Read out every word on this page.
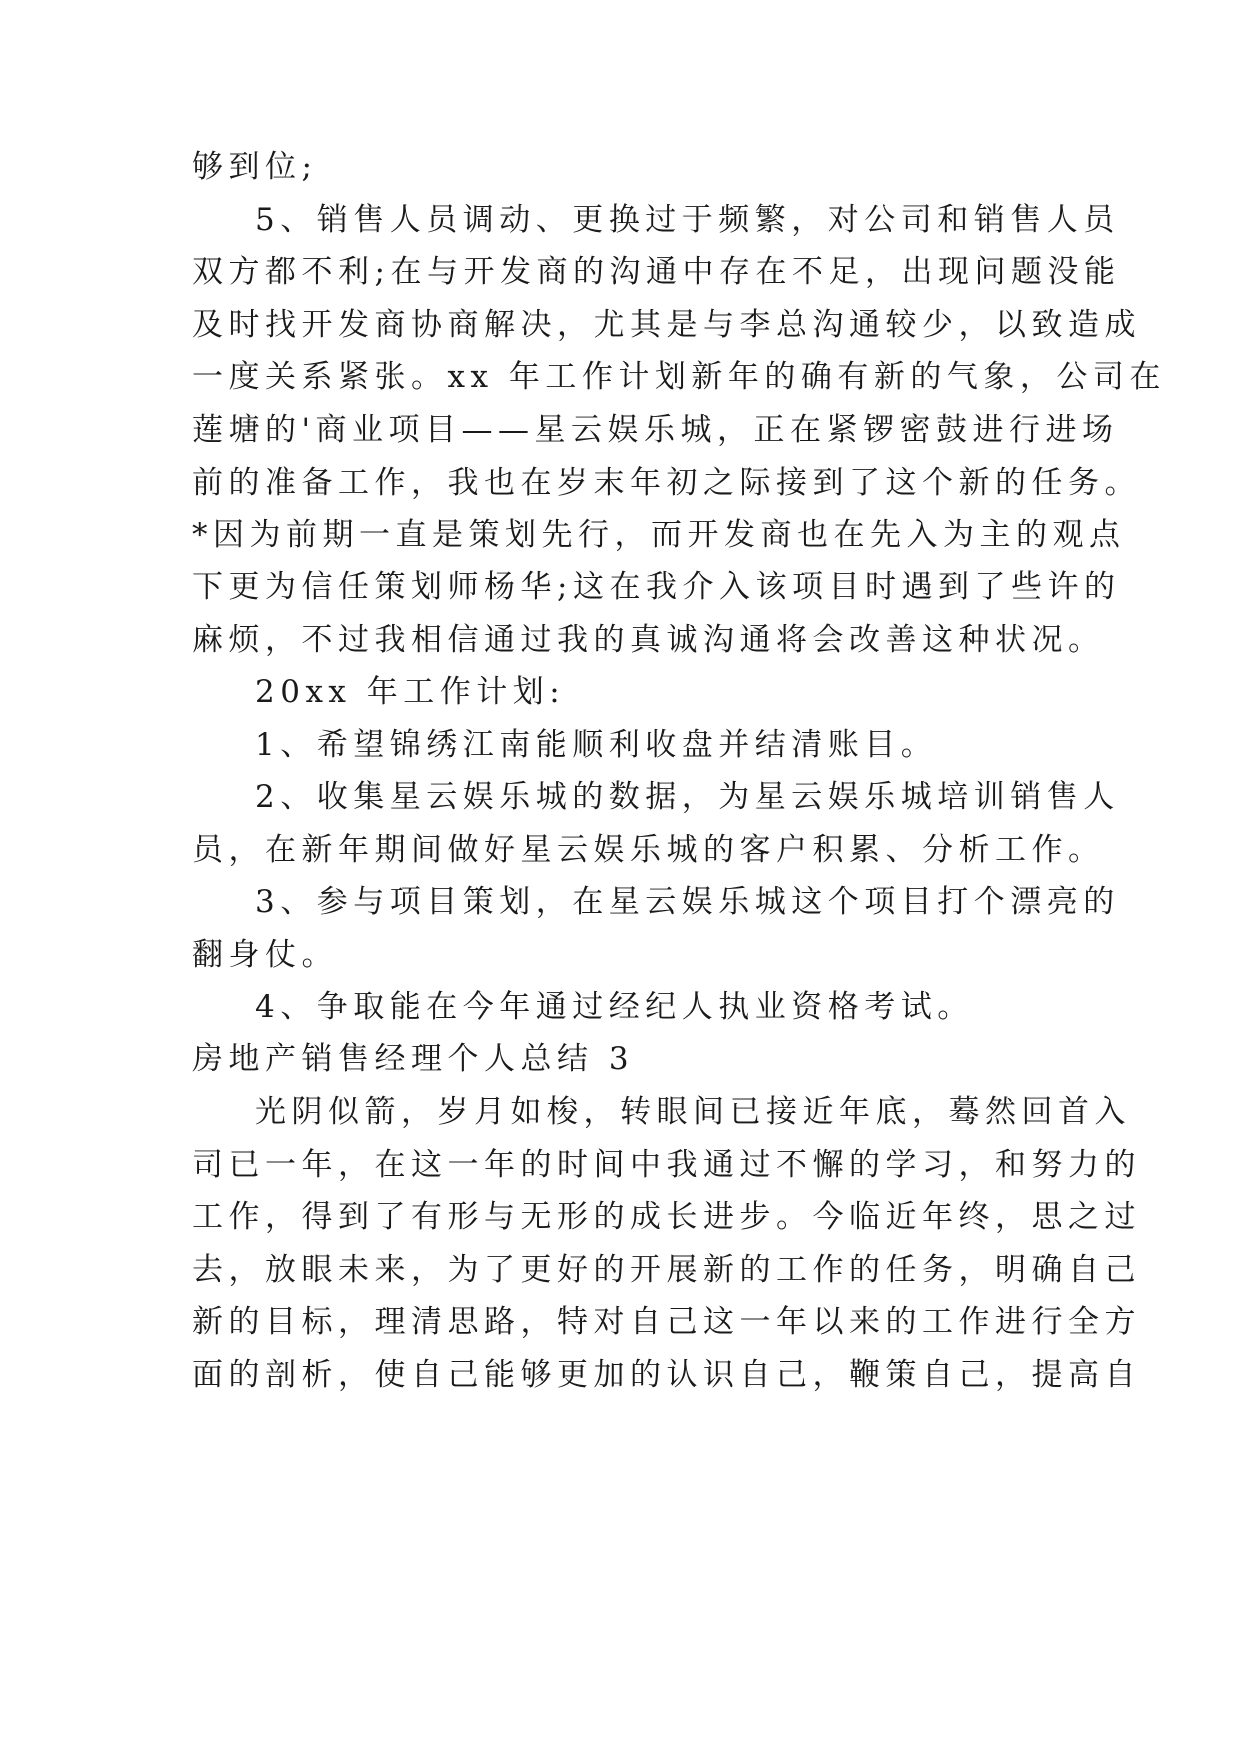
够到位;
5、销售人员调动、更换过于频繁，对公司和销售人员
双方都不利;在与开发商的沟通中存在不足，出现问题没能
及时找开发商协商解决，尤其是与李总沟通较少，以致造成
一度关系紧张。xx 年工作计划新年的确有新的气象，公司在
莲塘的'商业项目——星云娱乐城，正在紧锣密鼓进行进场
前的准备工作，我也在岁末年初之际接到了这个新的任务。
*因为前期一直是策划先行，而开发商也在先入为主的观点
下更为信任策划师杨华;这在我介入该项目时遇到了些许的
麻烦，不过我相信通过我的真诚沟通将会改善这种状况。
20xx 年工作计划:
1、希望锦绣江南能顺利收盘并结清账目。
2、收集星云娱乐城的数据，为星云娱乐城培训销售人
员，在新年期间做好星云娱乐城的客户积累、分析工作。
3、参与项目策划，在星云娱乐城这个项目打个漂亮的
翻身仗。
4、争取能在今年通过经纪人执业资格考试。
房地产销售经理个人总结 3
光阴似箭，岁月如梭，转眼间已接近年底，蓦然回首入
司已一年，在这一年的时间中我通过不懈的学习，和努力的
工作，得到了有形与无形的成长进步。今临近年终，思之过
去，放眼未来，为了更好的开展新的工作的任务，明确自己
新的目标，理清思路，特对自己这一年以来的工作进行全方
面的剖析，使自己能够更加的认识自己，鞭策自己，提高自
